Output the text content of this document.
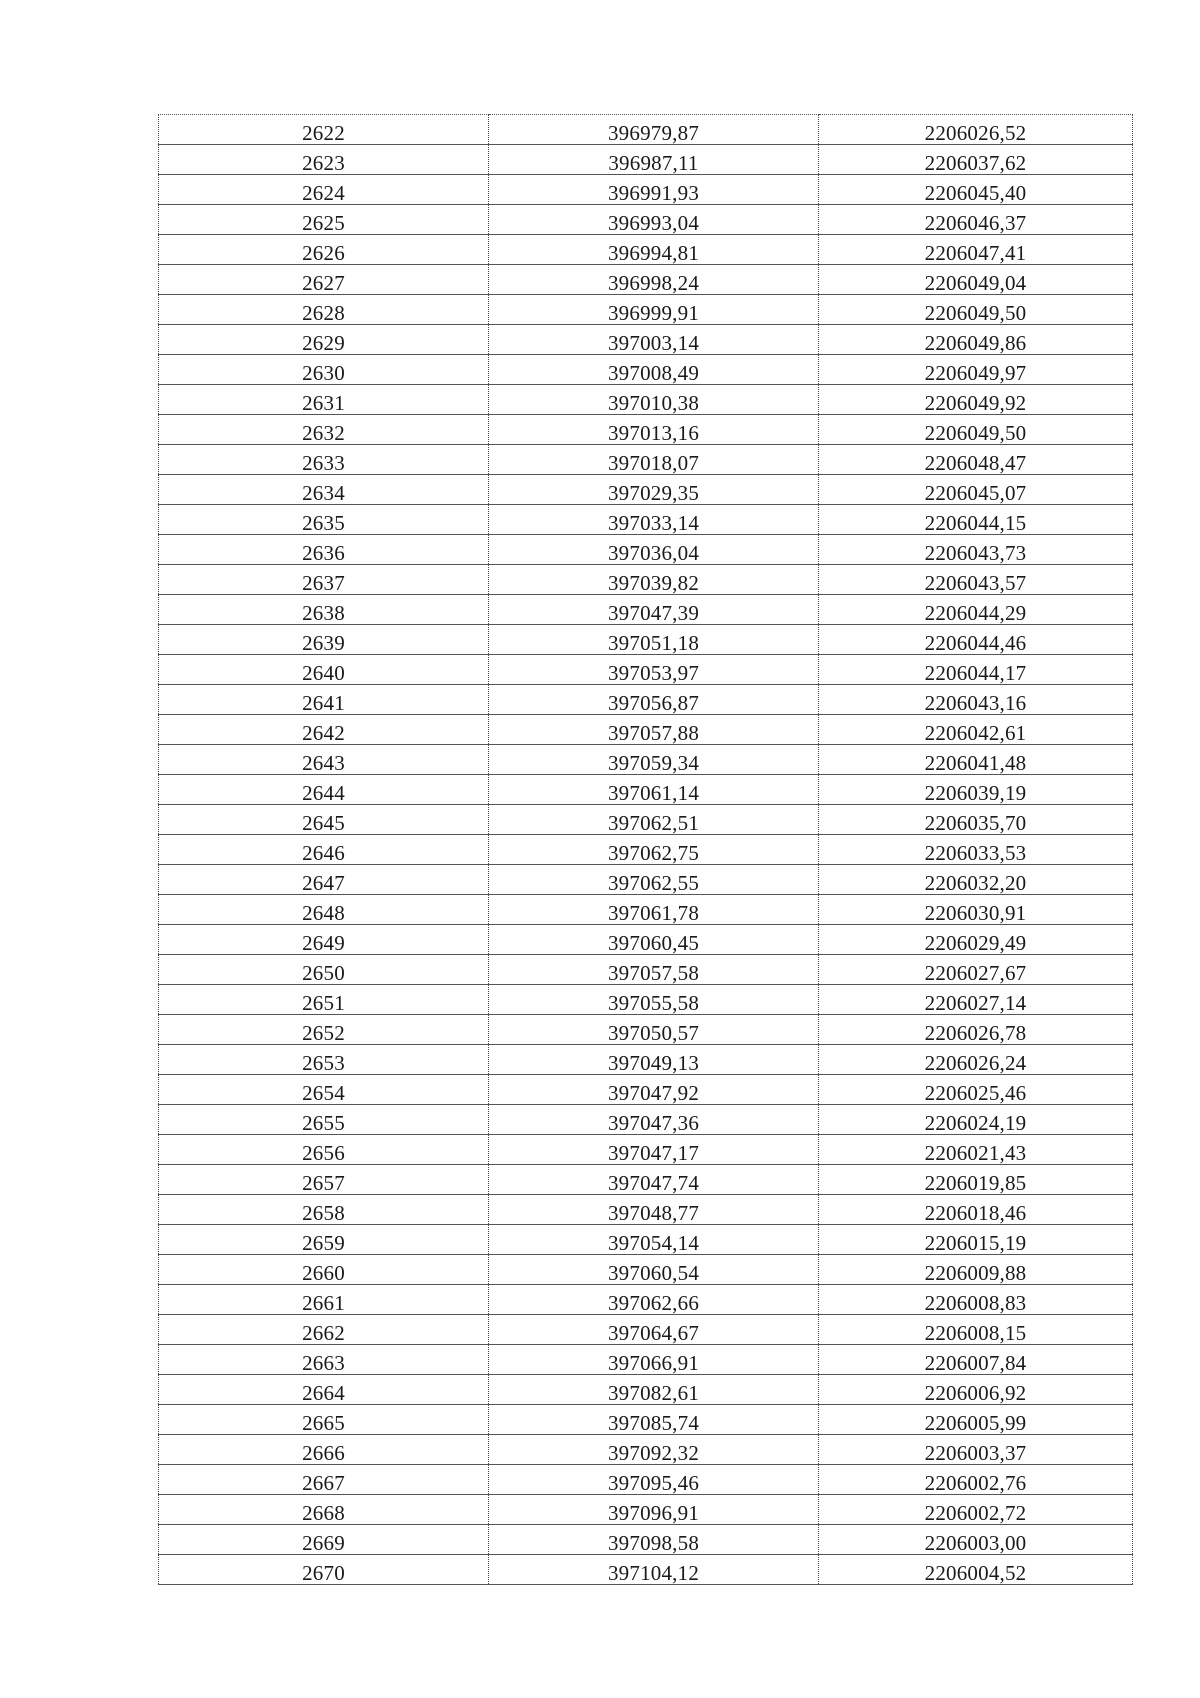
2622	396979,87	2206026,52
2623	396987,11	2206037,62
2624	396991,93	2206045,40
2625	396993,04	2206046,37
2626	396994,81	2206047,41
2627	396998,24	2206049,04
2628	396999,91	2206049,50
2629	397003,14	2206049,86
2630	397008,49	2206049,97
2631	397010,38	2206049,92
2632	397013,16	2206049,50
2633	397018,07	2206048,47
2634	397029,35	2206045,07
2635	397033,14	2206044,15
2636	397036,04	2206043,73
2637	397039,82	2206043,57
2638	397047,39	2206044,29
2639	397051,18	2206044,46
2640	397053,97	2206044,17
2641	397056,87	2206043,16
2642	397057,88	2206042,61
2643	397059,34	2206041,48
2644	397061,14	2206039,19
2645	397062,51	2206035,70
2646	397062,75	2206033,53
2647	397062,55	2206032,20
2648	397061,78	2206030,91
2649	397060,45	2206029,49
2650	397057,58	2206027,67
2651	397055,58	2206027,14
2652	397050,57	2206026,78
2653	397049,13	2206026,24
2654	397047,92	2206025,46
2655	397047,36	2206024,19
2656	397047,17	2206021,43
2657	397047,74	2206019,85
2658	397048,77	2206018,46
2659	397054,14	2206015,19
2660	397060,54	2206009,88
2661	397062,66	2206008,83
2662	397064,67	2206008,15
2663	397066,91	2206007,84
2664	397082,61	2206006,92
2665	397085,74	2206005,99
2666	397092,32	2206003,37
2667	397095,46	2206002,76
2668	397096,91	2206002,72
2669	397098,58	2206003,00
2670	397104,12	2206004,52
